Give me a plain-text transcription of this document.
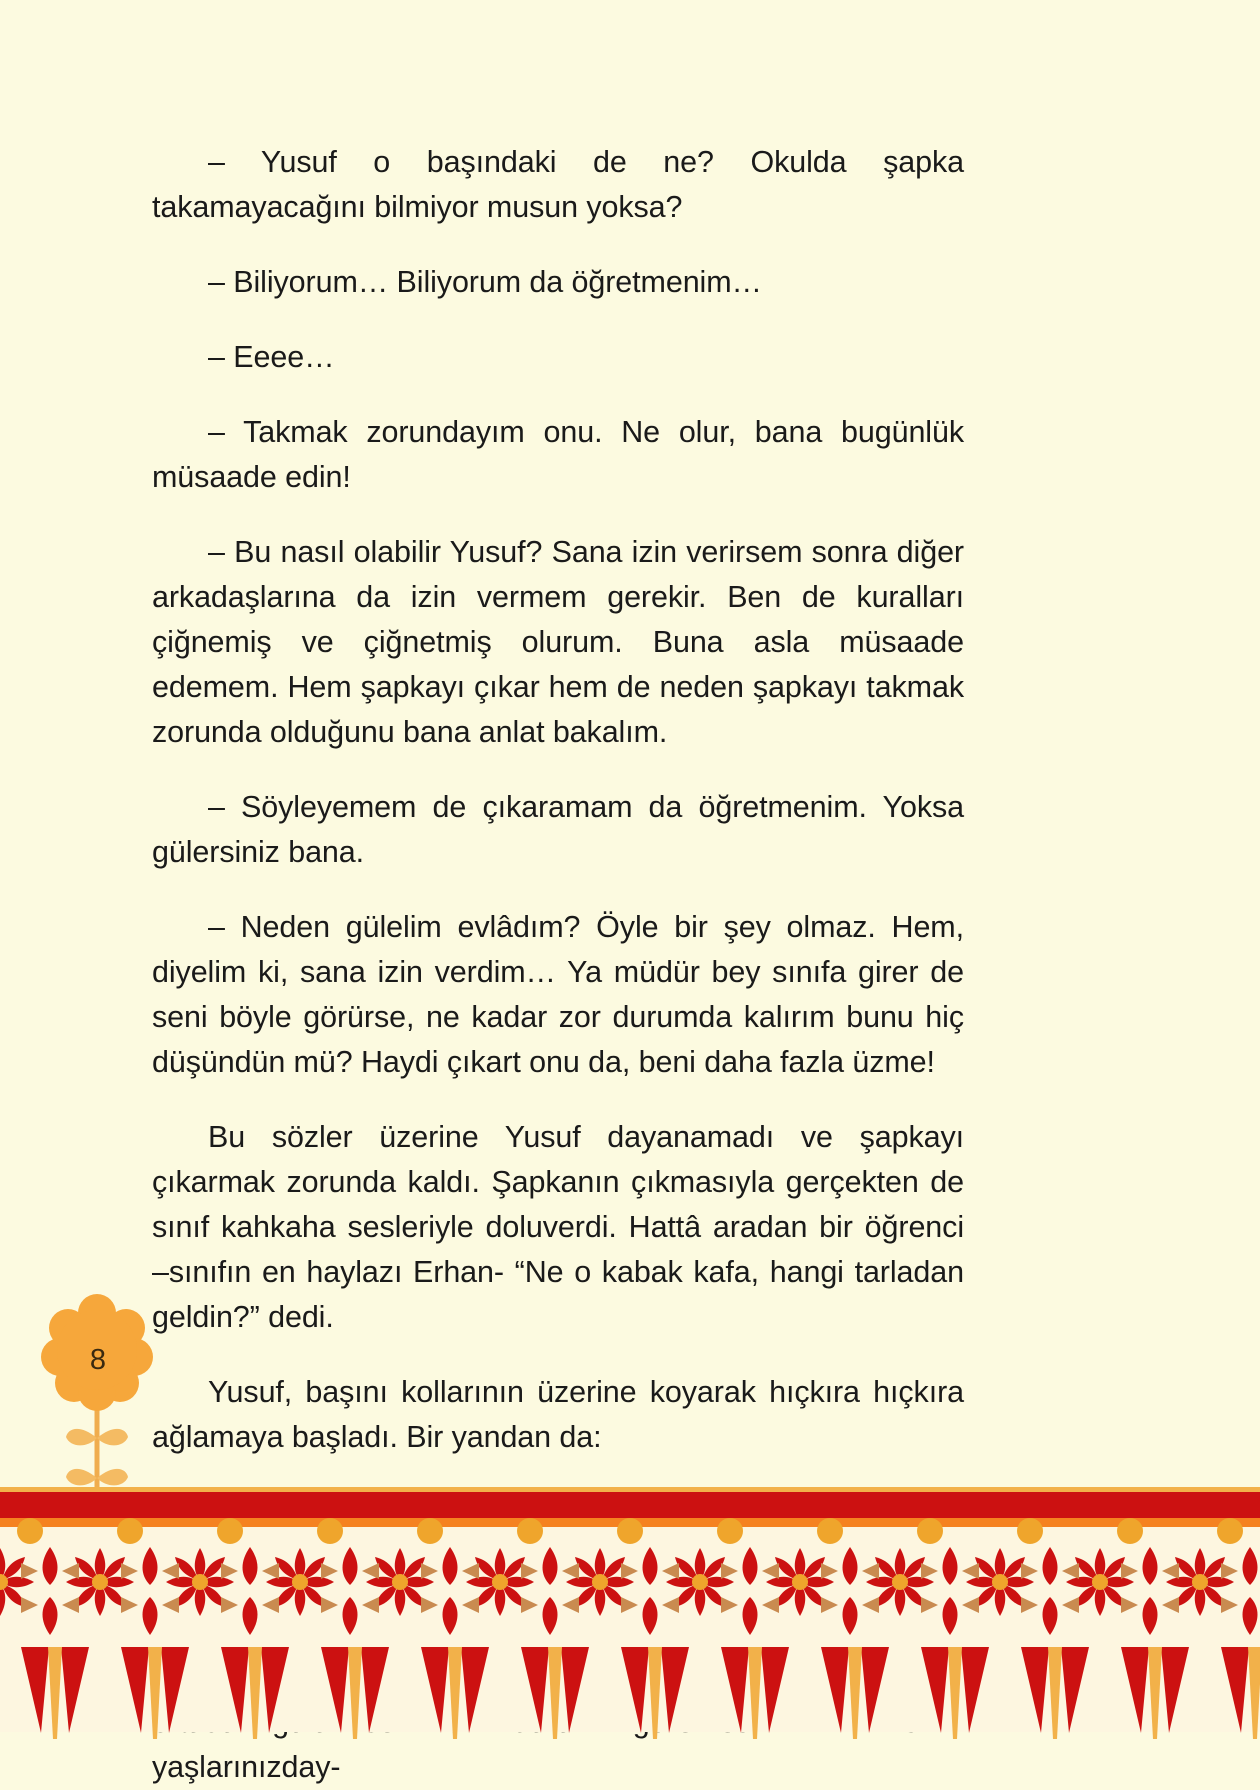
– Yusuf o başındaki de ne? Okulda şapka takamayacağını bilmiyor musun yoksa?

– Biliyorum… Biliyorum da öğretmenim…

– Eeee…

– Takmak zorundayım onu. Ne olur, bana bugünlük müsaade edin!

– Bu nasıl olabilir Yusuf? Sana izin verirsem sonra diğer arkadaşlarına da izin vermem gerekir. Ben de kuralları çiğnemiş ve çiğnetmiş olurum. Buna asla müsaade edemem. Hem şapkayı çıkar hem de neden şapkayı takmak zorunda olduğunu bana anlat bakalım.

– Söyleyemem de çıkaramam da öğretmenim. Yoksa gülersiniz bana.

– Neden gülelim evlâdım? Öyle bir şey olmaz. Hem, diyelim ki, sana izin verdim… Ya müdür bey sınıfa girer de seni böyle görürse, ne kadar zor durumda kalırım bunu hiç düşündün mü? Haydi çıkart onu da, beni daha fazla üzme!

Bu sözler üzerine Yusuf dayanamadı ve şapkayı çıkarmak zorunda kaldı. Şapkanın çıkmasıyla gerçekten de sınıf kahkaha sesleriyle doluverdi. Hattâ aradan bir öğrenci –sınıfın en haylazı Erhan- “Ne o kabak kafa, hangi tarladan geldin?” dedi.

Yusuf, başını kollarının üzerine koyarak hıçkıra hıçkıra ağlamaya başladı. Bir yandan da:

yaşlarınızday-

8
